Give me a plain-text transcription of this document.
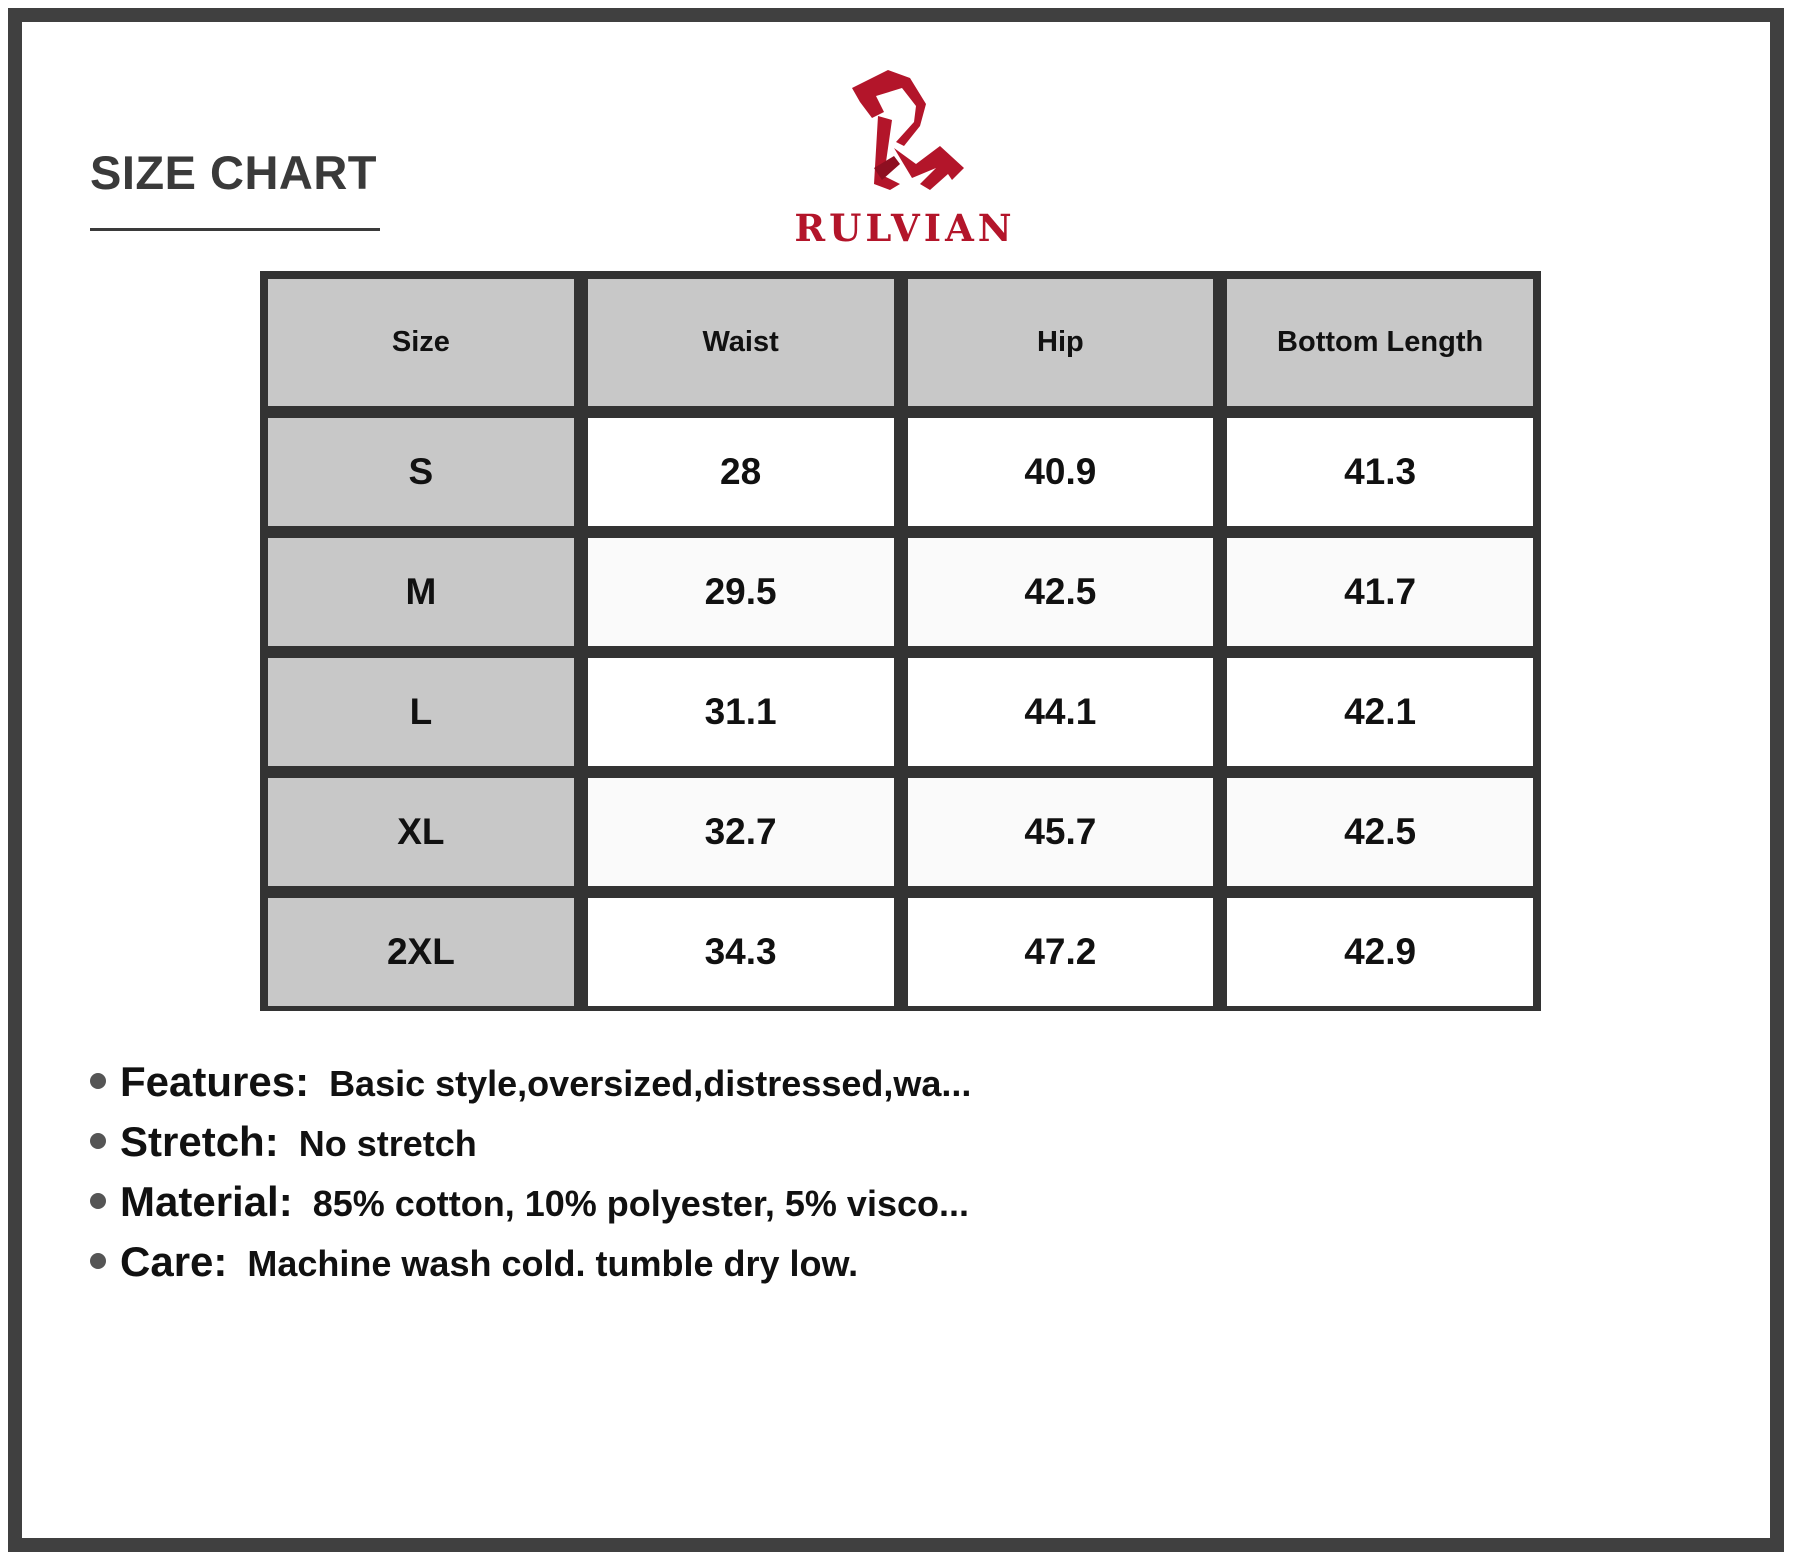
SIZE CHART
RULVIAN
Size	Waist	Hip	Bottom Length
S	28	40.9	41.3
M	29.5	42.5	41.7
L	31.1	44.1	42.1
XL	32.7	45.7	42.5
2XL	34.3	47.2	42.9
Features: Basic style,oversized,distressed,wa...
Stretch: No stretch
Material: 85% cotton, 10% polyester, 5% visco...
Care: Machine wash cold. tumble dry low.
